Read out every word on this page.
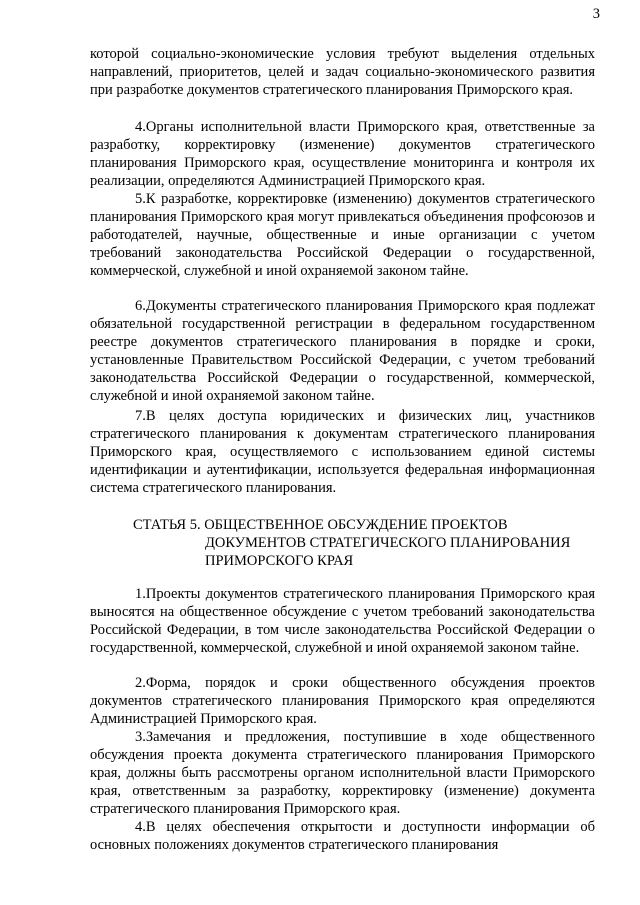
3

которой социально-экономические условия требуют выделения отдельных направлений, приоритетов, целей и задач социально-экономического развития при разработке документов стратегического планирования Приморского края.

4.Органы исполнительной власти Приморского края, ответственные за разработку, корректировку (изменение) документов стратегического планирования Приморского края, осуществление мониторинга и контроля их реализации, определяются Администрацией Приморского края.

5.К разработке, корректировке (изменению) документов стратегического планирования Приморского края могут привлекаться объединения профсоюзов и работодателей, научные, общественные и иные организации с учетом требований законодательства Российской Федерации о государственной, коммерческой, служебной и иной охраняемой законом тайне.

6.Документы стратегического планирования Приморского края подлежат обязательной государственной регистрации в федеральном государственном реестре документов стратегического планирования в порядке и сроки, установленные Правительством Российской Федерации, с учетом требований законодательства Российской Федерации о государственной, коммерческой, служебной и иной охраняемой законом тайне.

7.В целях доступа юридических и физических лиц, участников стратегического планирования к документам стратегического планирования Приморского края, осуществляемого с использованием единой системы идентификации и аутентификации, используется федеральная информационная система стратегического планирования.

СТАТЬЯ 5. ОБЩЕСТВЕННОЕ ОБСУЖДЕНИЕ ПРОЕКТОВ
ДОКУМЕНТОВ СТРАТЕГИЧЕСКОГО ПЛАНИРОВАНИЯ
ПРИМОРСКОГО КРАЯ

1.Проекты документов стратегического планирования Приморского края выносятся на общественное обсуждение с учетом требований законодательства Российской Федерации, в том числе законодательства Российской Федерации о государственной, коммерческой, служебной и иной охраняемой законом тайне.

2.Форма, порядок и сроки общественного обсуждения проектов документов стратегического планирования Приморского края определяются Администрацией Приморского края.

3.Замечания и предложения, поступившие в ходе общественного обсуждения проекта документа стратегического планирования Приморского края, должны быть рассмотрены органом исполнительной власти Приморского края, ответственным за разработку, корректировку (изменение) документа стратегического планирования Приморского края.

4.В целях обеспечения открытости и доступности информации об основных положениях документов стратегического планирования
